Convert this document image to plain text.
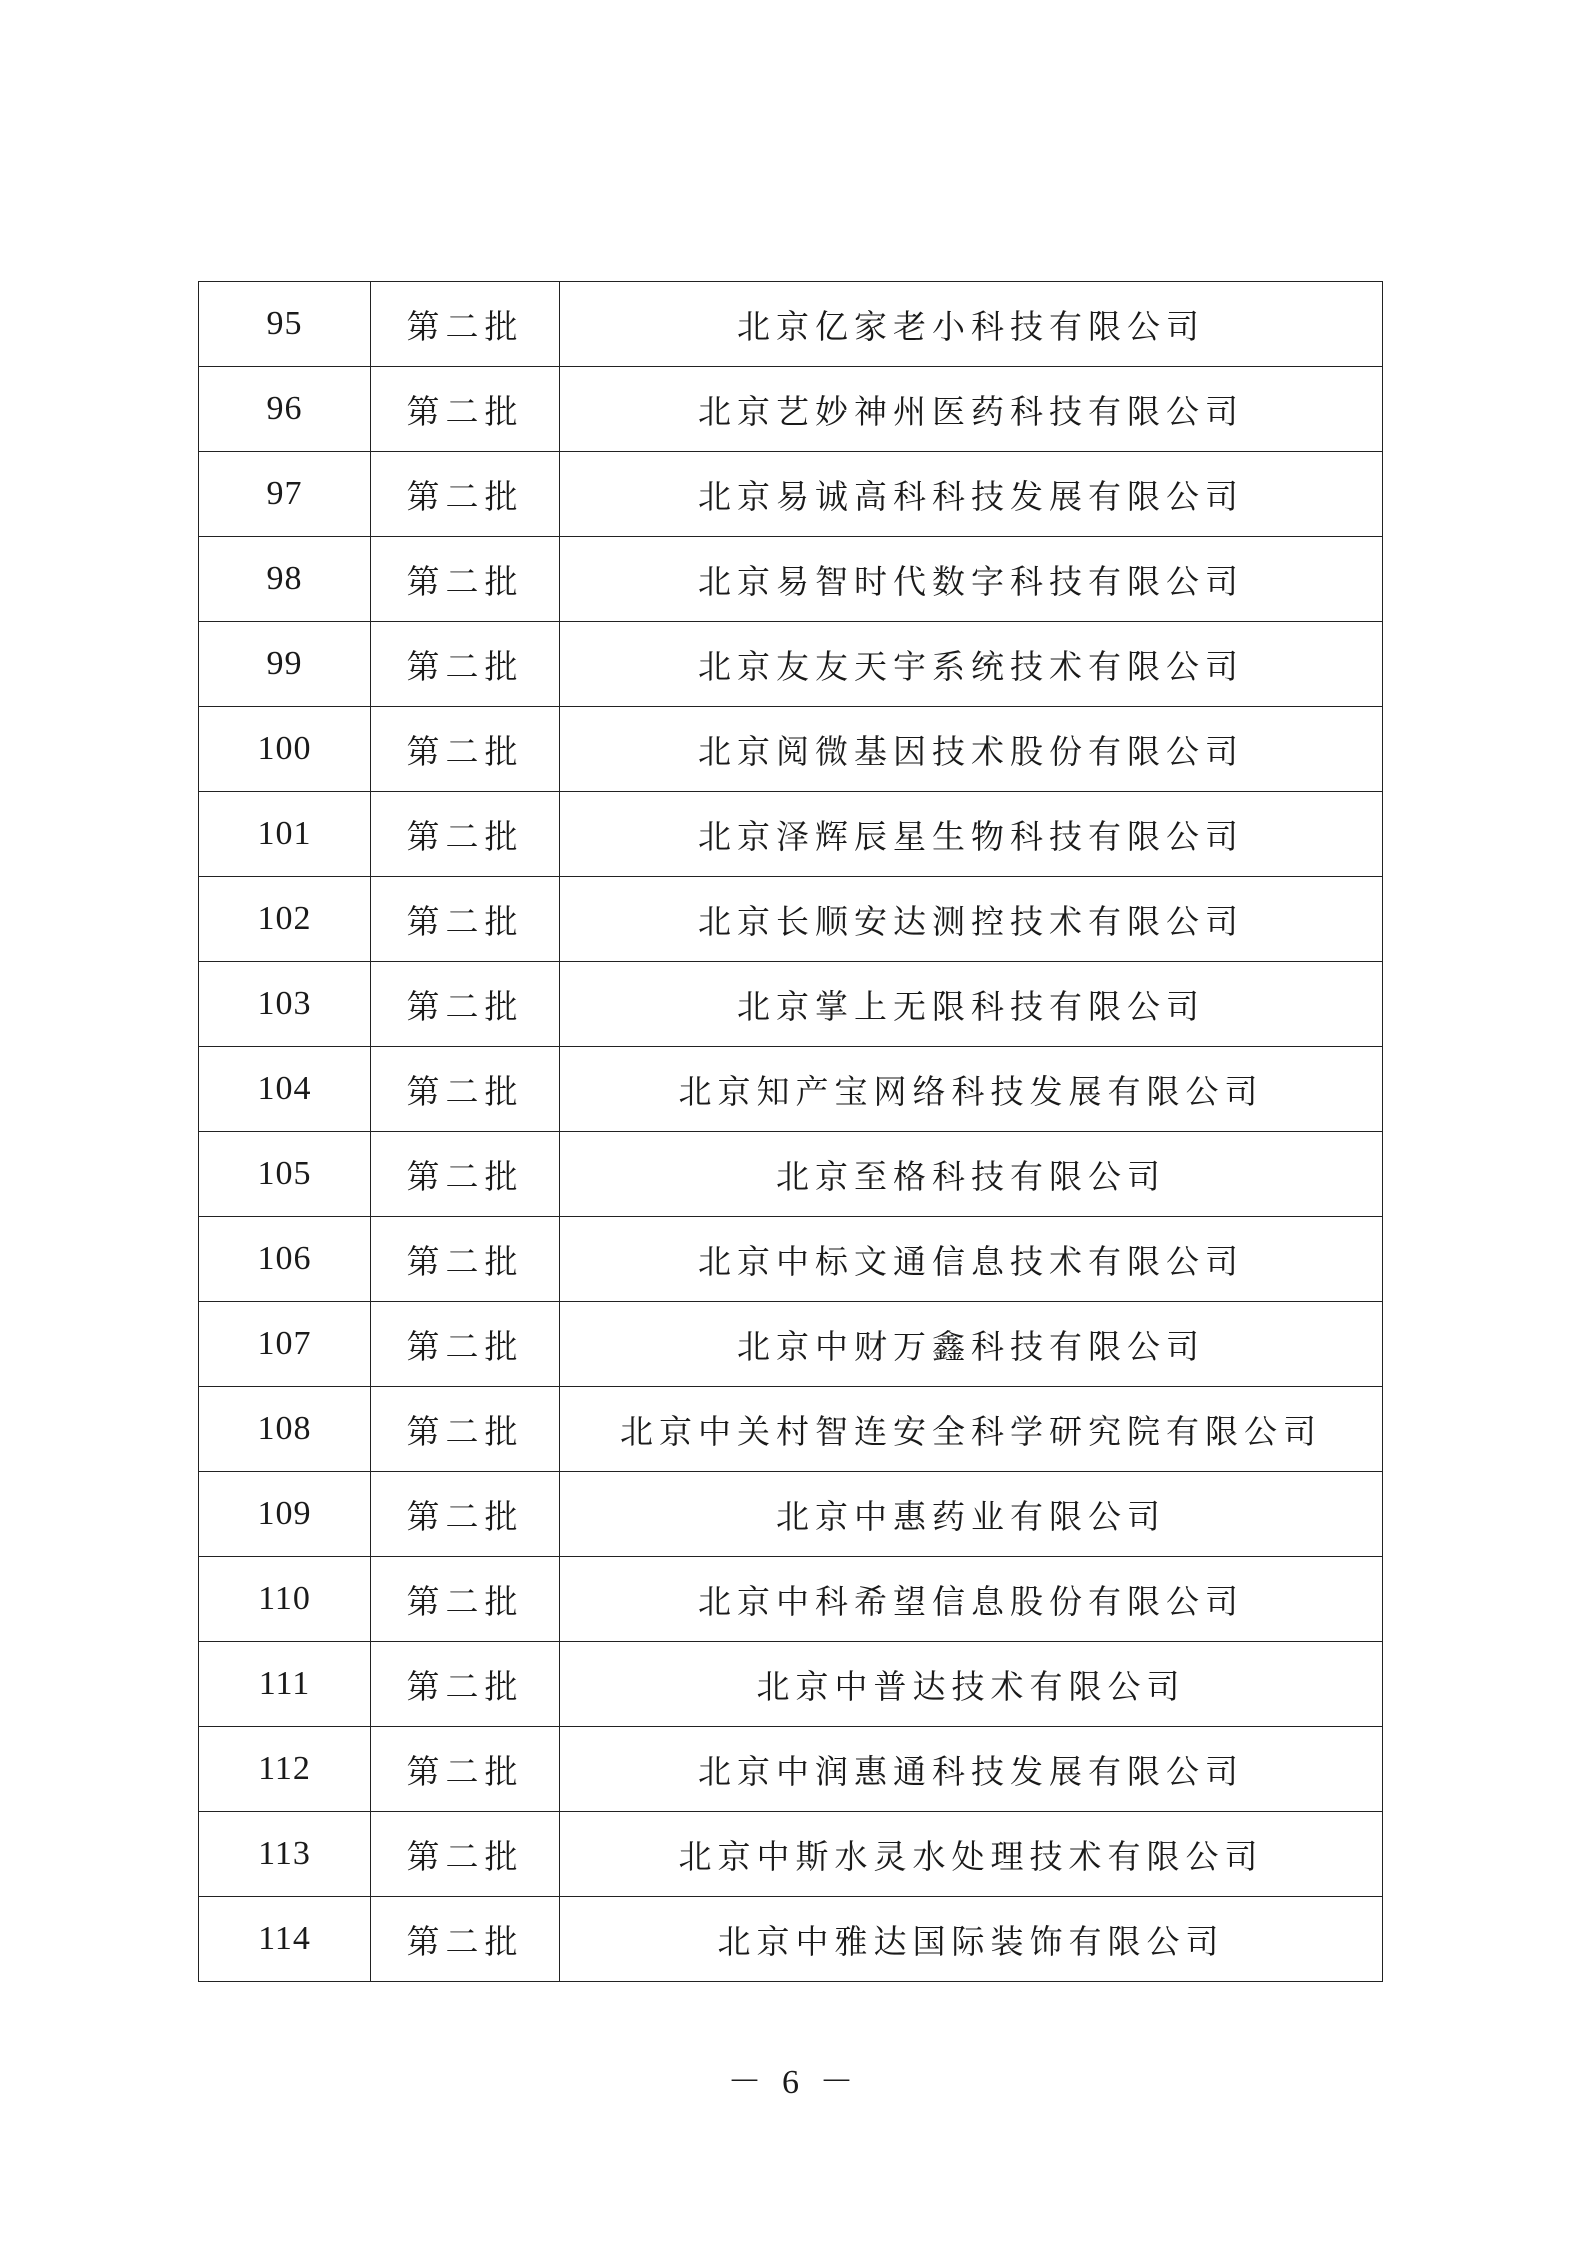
95	第二批	北京亿家老小科技有限公司
96	第二批	北京艺妙神州医药科技有限公司
97	第二批	北京易诚高科科技发展有限公司
98	第二批	北京易智时代数字科技有限公司
99	第二批	北京友友天宇系统技术有限公司
100	第二批	北京阅微基因技术股份有限公司
101	第二批	北京泽辉辰星生物科技有限公司
102	第二批	北京长顺安达测控技术有限公司
103	第二批	北京掌上无限科技有限公司
104	第二批	北京知产宝网络科技发展有限公司
105	第二批	北京至格科技有限公司
106	第二批	北京中标文通信息技术有限公司
107	第二批	北京中财万鑫科技有限公司
108	第二批	北京中关村智连安全科学研究院有限公司
109	第二批	北京中惠药业有限公司
110	第二批	北京中科希望信息股份有限公司
111	第二批	北京中普达技术有限公司
112	第二批	北京中润惠通科技发展有限公司
113	第二批	北京中斯水灵水处理技术有限公司
114	第二批	北京中雅达国际装饰有限公司
－ 6 －
